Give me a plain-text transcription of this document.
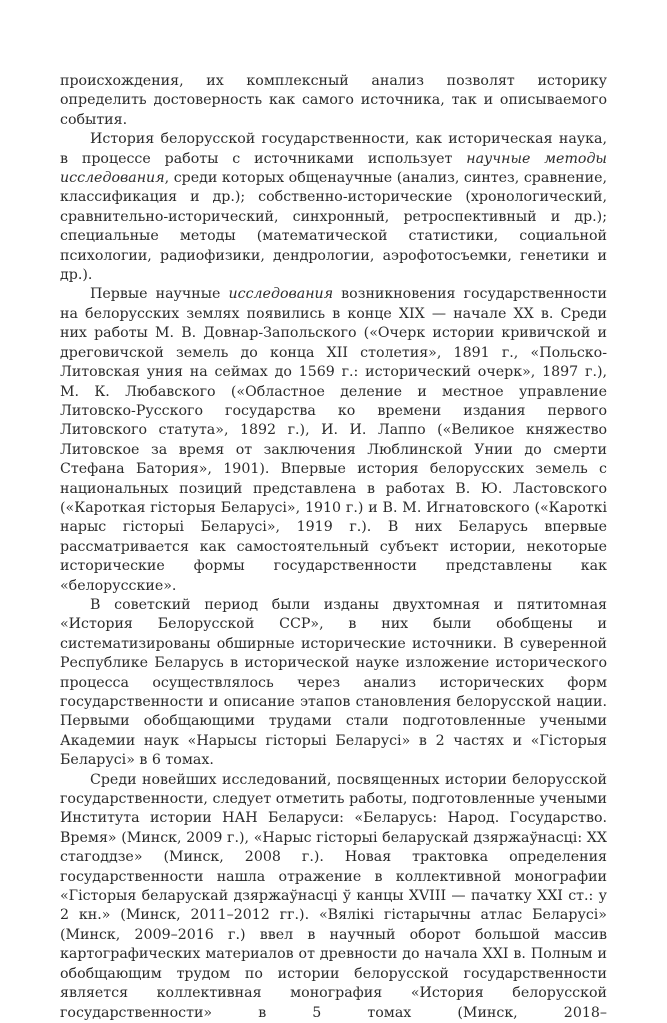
происхождения, их комплексный анализ позволят историку определить достоверность как самого источника, так и описываемого события.

История белорусской государственности, как историческая наука, в процессе работы с источниками использует научные методы исследования, среди которых общенаучные (анализ, синтез, сравнение, классификация и др.); собственно-исторические (хронологический, сравнительно-исторический, синхронный, ретроспективный и др.); специальные методы (математической статистики, социальной психологии, радиофизики, дендрологии, аэрофотосъемки, генетики и др.).

Первые научные исследования возникновения государственности на белорусских землях появились в конце XIX — начале XX в. Среди них работы М. В. Довнар-Запольского («Очерк истории кривичской и дреговичской земель до конца XII столетия», 1891 г., «Польско-Литовская уния на сеймах до 1569 г.: исторический очерк», 1897 г.), М. К. Любавского («Областное деление и местное управление Литовско-Русского государства ко времени издания первого Литовского статута», 1892 г.), И. И. Лаппо («Великое княжество Литовское за время от заключения Люблинской Унии до смерти Стефана Батория», 1901). Впервые история белорусских земель с национальных позиций представлена в работах В. Ю. Ластовского («Кароткая гісторыя Беларусі», 1910 г.) и В. М. Игнатовского («Кароткі нарыс гісторыі Беларусі», 1919 г.). В них Беларусь впервые рассматривается как самостоятельный субъект истории, некоторые исторические формы государственности представлены как «белорусские».

В советский период были изданы двухтомная и пятитомная «История Белорусской ССР», в них были обобщены и систематизированы обширные исторические источники. В суверенной Республике Беларусь в исторической науке изложение исторического процесса осуществлялось через анализ исторических форм государственности и описание этапов становления белорусской нации. Первыми обобщающими трудами стали подготовленные учеными Академии наук «Нарысы гісторыі Беларусі» в 2 частях и «Гісторыя Беларусі» в 6 томах.

Среди новейших исследований, посвященных истории белорусской государственности, следует отметить работы, подготовленные учеными Института истории НАН Беларуси: «Беларусь: Народ. Государство. Время» (Минск, 2009 г.), «Нарыс гісторыі беларускай дзяржаўнасці: XX стагоддзе» (Минск, 2008 г.). Новая трактовка определения государственности нашла отражение в коллективной монографии «Гісторыя беларускай дзяржаўнасці ў канцы XVIII — пачатку XXI ст.: у 2 кн.» (Минск, 2011–2012 гг.). «Вялікі гістарычны атлас Беларусі» (Минск, 2009–2016 г.) ввел в научный оборот большой массив картографических материалов от древности до начала XXI в. Полным и обобщающим трудом по истории белорусской государственности является коллективная монография «История белорусской государственности» в 5 томах (Минск, 2018–
